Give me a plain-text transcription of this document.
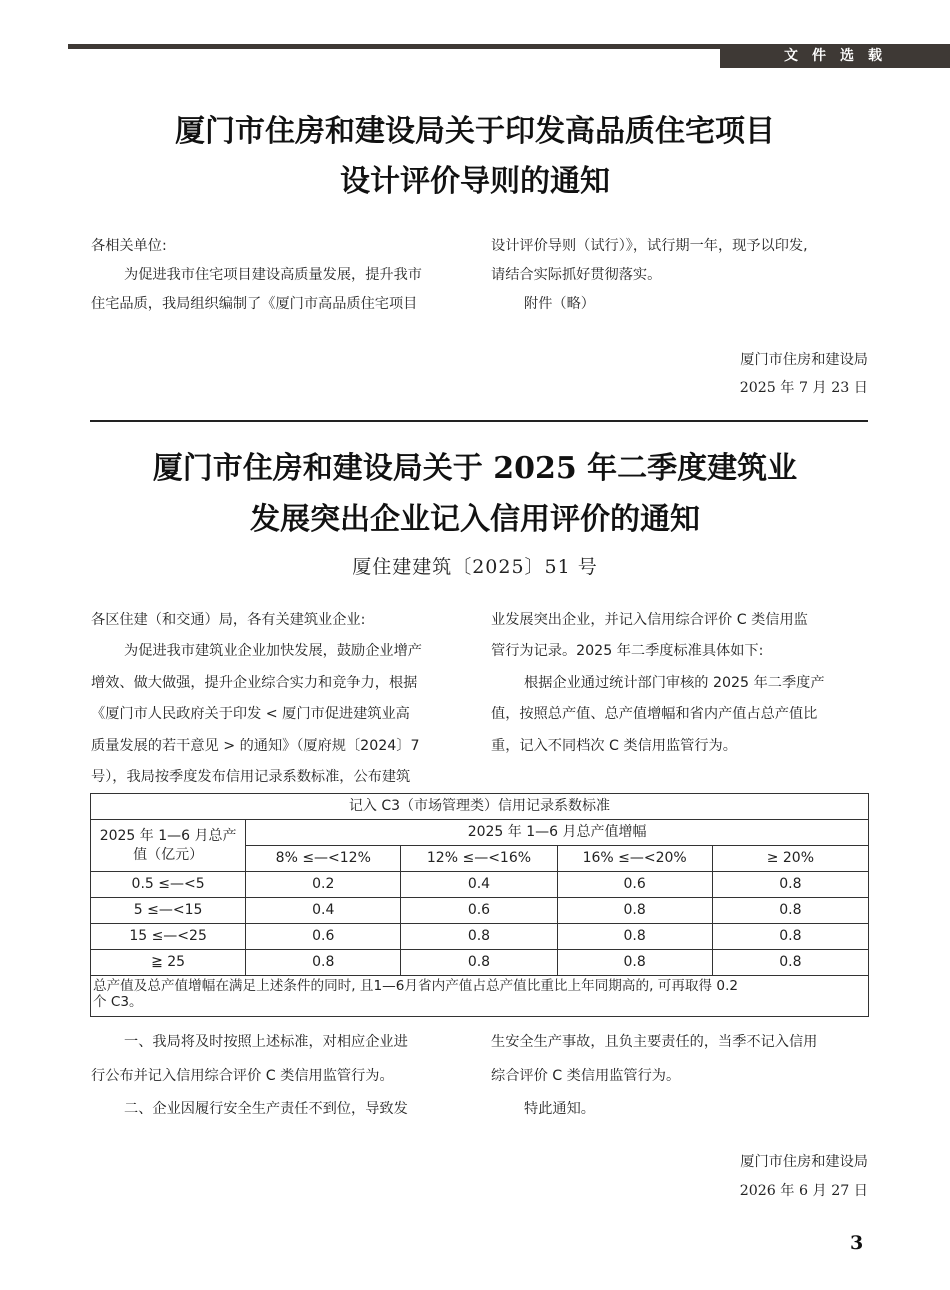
文件选载
厦门市住房和建设局关于印发高品质住宅项目
设计评价导则的通知
各相关单位:
为促进我市住宅项目建设高质量发展，提升我市
住宅品质，我局组织编制了《厦门市高品质住宅项目
设计评价导则（试行）》，试行期一年，现予以印发,
请结合实际抓好贯彻落实。
附件（略）
厦门市住房和建设局
2025 年 7 月 23 日
厦门市住房和建设局关于 2025 年二季度建筑业
发展突出企业记入信用评价的通知
厦住建建筑〔2025〕51 号
各区住建（和交通）局，各有关建筑业企业:
为促进我市建筑业企业加快发展，鼓励企业增产
增效、做大做强，提升企业综合实力和竞争力，根据
《厦门市人民政府关于印发 < 厦门市促进建筑业高
质量发展的若干意见 > 的通知》（厦府规〔2024〕7
号），我局按季度发布信用记录系数标准，公布建筑
业发展突出企业，并记入信用综合评价 C 类信用监
管行为记录。2025 年二季度标准具体如下:
根据企业通过统计部门审核的 2025 年二季度产
值，按照总产值、总产值增幅和省内产值占总产值比
重，记入不同档次 C 类信用监管行为。
记入 C3（市场管理类）信用记录系数标准				

2025 年 1—6 月总产
值（亿元）	2025 年 1—6 月总产值增幅			
	8% ≤—<12%	12% ≤—<16%	16% ≤—<20%	≥ 20%
0.5 ≤—<5	0.2	0.4	0.6	0.8
5 ≤—<15	0.4	0.6	0.8	0.8
15 ≤—<25	0.6	0.8	0.8	0.8
≧ 25	0.8	0.8	0.8	0.8

总产值及总产值增幅在满足上述条件的同时, 且1—6月省内产值占总产值比重比上年同期高的, 可再取得 0.2
个 C3。				
一、我局将及时按照上述标准，对相应企业进
行公布并记入信用综合评价 C 类信用监管行为。
二、企业因履行安全生产责任不到位，导致发
生安全生产事故，且负主要责任的，当季不记入信用
综合评价 C 类信用监管行为。
特此通知。
厦门市住房和建设局
2026 年 6 月 27 日
3
